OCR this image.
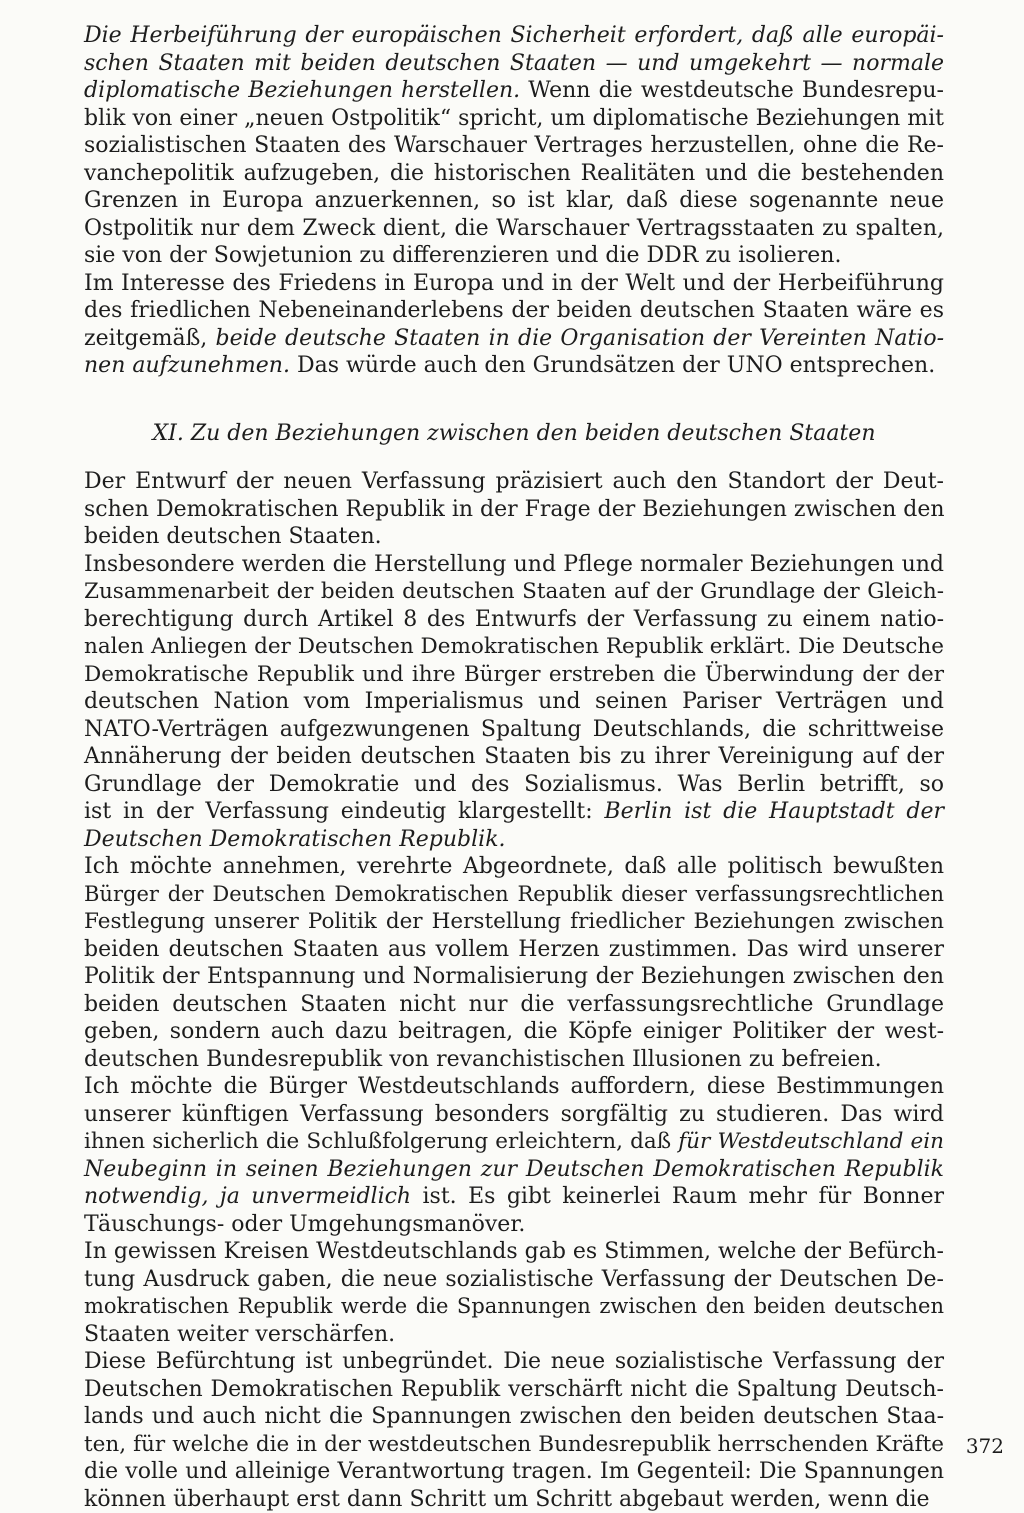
Die Herbeiführung der europäischen Sicherheit erfordert, daß alle europäi-
schen Staaten mit beiden deutschen Staaten — und umgekehrt — normale
diplomatische Beziehungen herstellen. Wenn die westdeutsche Bundesrepu-
blik von einer „neuen Ostpolitik“ spricht, um diplomatische Beziehungen mit
sozialistischen Staaten des Warschauer Vertrages herzustellen, ohne die Re-
vanchepolitik aufzugeben, die historischen Realitäten und die bestehenden
Grenzen in Europa anzuerkennen, so ist klar, daß diese sogenannte neue
Ostpolitik nur dem Zweck dient, die Warschauer Vertragsstaaten zu spalten,
sie von der Sowjetunion zu differenzieren und die DDR zu isolieren.
Im Interesse des Friedens in Europa und in der Welt und der Herbeiführung
des friedlichen Nebeneinanderlebens der beiden deutschen Staaten wäre es
zeitgemäß, beide deutsche Staaten in die Organisation der Vereinten Natio-
nen aufzunehmen. Das würde auch den Grundsätzen der UNO entsprechen.
XI. Zu den Beziehungen zwischen den beiden deutschen Staaten
Der Entwurf der neuen Verfassung präzisiert auch den Standort der Deut-
schen Demokratischen Republik in der Frage der Beziehungen zwischen den
beiden deutschen Staaten.
Insbesondere werden die Herstellung und Pflege normaler Beziehungen und
Zusammenarbeit der beiden deutschen Staaten auf der Grundlage der Gleich-
berechtigung durch Artikel 8 des Entwurfs der Verfassung zu einem natio-
nalen Anliegen der Deutschen Demokratischen Republik erklärt. Die Deutsche
Demokratische Republik und ihre Bürger erstreben die Überwindung der der
deutschen Nation vom Imperialismus und seinen Pariser Verträgen und
NATO-Verträgen aufgezwungenen Spaltung Deutschlands, die schrittweise
Annäherung der beiden deutschen Staaten bis zu ihrer Vereinigung auf der
Grundlage der Demokratie und des Sozialismus. Was Berlin betrifft, so
ist in der Verfassung eindeutig klargestellt: Berlin ist die Hauptstadt der
Deutschen Demokratischen Republik.
Ich möchte annehmen, verehrte Abgeordnete, daß alle politisch bewußten
Bürger der Deutschen Demokratischen Republik dieser verfassungsrechtlichen
Festlegung unserer Politik der Herstellung friedlicher Beziehungen zwischen
beiden deutschen Staaten aus vollem Herzen zustimmen. Das wird unserer
Politik der Entspannung und Normalisierung der Beziehungen zwischen den
beiden deutschen Staaten nicht nur die verfassungsrechtliche Grundlage
geben, sondern auch dazu beitragen, die Köpfe einiger Politiker der west-
deutschen Bundesrepublik von revanchistischen Illusionen zu befreien.
Ich möchte die Bürger Westdeutschlands auffordern, diese Bestimmungen
unserer künftigen Verfassung besonders sorgfältig zu studieren. Das wird
ihnen sicherlich die Schlußfolgerung erleichtern, daß für Westdeutschland ein
Neubeginn in seinen Beziehungen zur Deutschen Demokratischen Republik
notwendig, ja unvermeidlich ist. Es gibt keinerlei Raum mehr für Bonner
Täuschungs- oder Umgehungsmanöver.
In gewissen Kreisen Westdeutschlands gab es Stimmen, welche der Befürch-
tung Ausdruck gaben, die neue sozialistische Verfassung der Deutschen De-
mokratischen Republik werde die Spannungen zwischen den beiden deutschen
Staaten weiter verschärfen.
Diese Befürchtung ist unbegründet. Die neue sozialistische Verfassung der
Deutschen Demokratischen Republik verschärft nicht die Spaltung Deutsch-
lands und auch nicht die Spannungen zwischen den beiden deutschen Staa-
ten, für welche die in der westdeutschen Bundesrepublik herrschenden Kräfte
die volle und alleinige Verantwortung tragen. Im Gegenteil: Die Spannungen
können überhaupt erst dann Schritt um Schritt abgebaut werden, wenn die
372
